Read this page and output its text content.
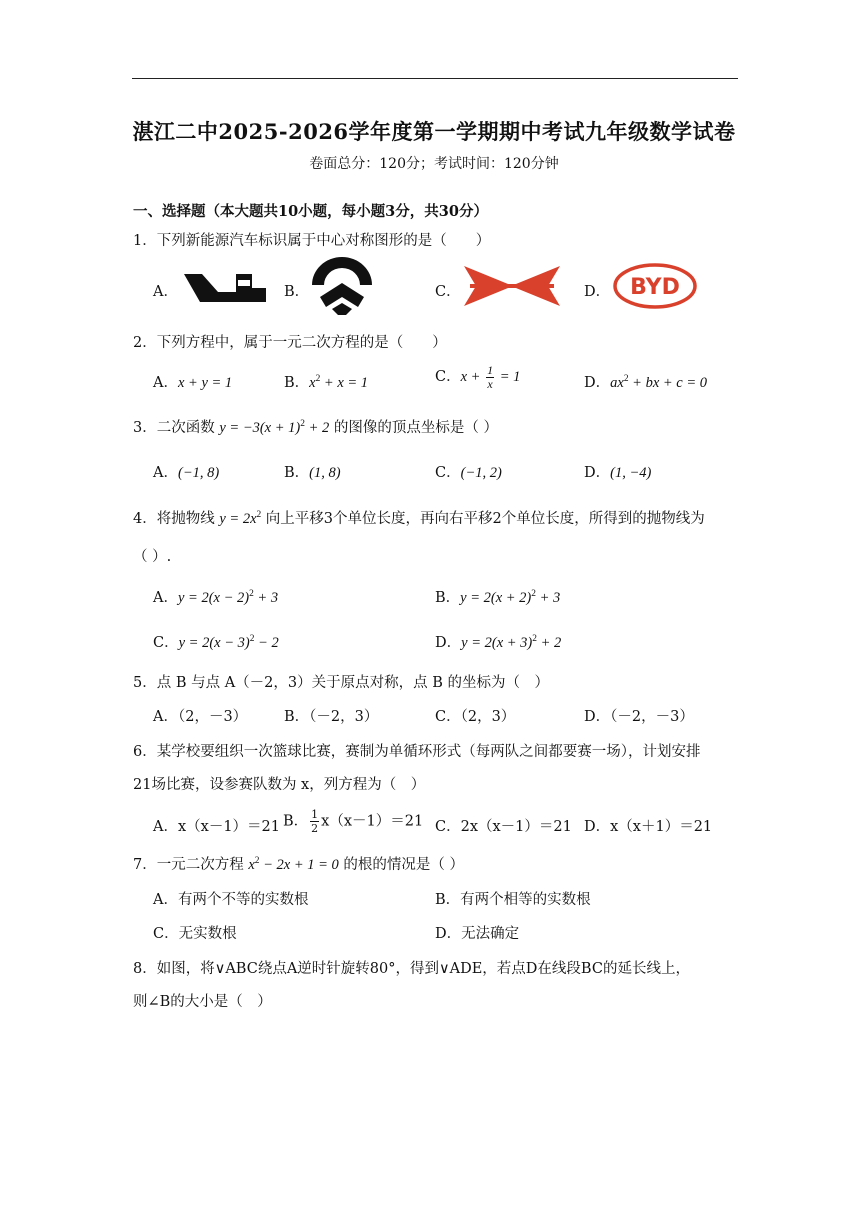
湛江二中2025-2026学年度第一学期期中考试九年级数学试卷
卷面总分：120分；考试时间：120分钟
一、选择题（本大题共10小题，每小题3分，共30分）
1．下列新能源汽车标识属于中心对称图形的是（　　）
A．	B．	C．	D． BYD
2．下列方程中，属于一元二次方程的是（　　）
A．x + y = 1	B．$x^2 + x = 1$	C．$x + \frac{1}{x} = 1$	D．$ax^2$ + bx + c = 0
3．二次函数 $y = -3(x + 1)^2 + 2$ 的图像的顶点坐标是（ ）
A．(−1, 8)	B．(1, 8)	C．(−1, 2)	D．(1, −4)
4．将抛物线 $y = 2x^2$ 向上平移3个单位长度，再向右平移2个单位长度，所得到的抛物线为
（ ）.
A．$y = 2(x - 2)^2 + 3$	B．$y = 2(x + 2)^2 + 3$
C．$y = 2(x - 3)^2 - 2$	D．$y = 2(x + 3)^2 + 2$
5．点 B 与点 A（－2，3）关于原点对称，点 B 的坐标为（　）
A．（2，－3）	B．（－2，3）	C．（2，3）	D．（－2，－3）
6．某学校要组织一次篮球比赛，赛制为单循环形式（每两队之间都要赛一场），计划安排
21场比赛，设参赛队数为 x，列方程为（　）
A．x（x－1）＝21 B． $\frac{1}{2} x(x-1)=21$ C．2x（x－1）＝21 D．x（x＋1）＝21
7．一元二次方程 $x^2 - 2x + 1 = 0$ 的根的情况是（ ）
A．有两个不等的实数根	B．有两个相等的实数根
C．无实数根	D．无法确定
8．如图，将∨ABC绕点A逆时针旋转80°，得到∨ADE，若点D在线段BC的延长线上，
则∠B的大小是（　）
